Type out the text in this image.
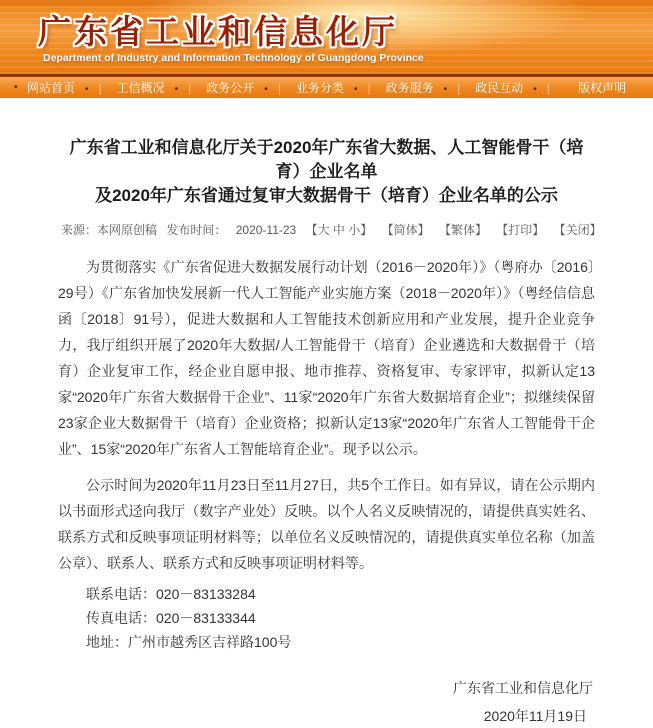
广东省工业和信息化厅
Department of Industry and Information Technology of Guangdong Province
• 网站首页 • |	工信概况 • |	政务公开 • |	业务分类 • |	政务服务 • |	政民互动 • |	版权声明
广东省工业和信息化厅关于2020年广东省大数据、人工智能骨干（培育）企业名单
及2020年广东省通过复审大数据骨干（培育）企业名单的公示
来源：本网原创稿 发布时间： 2020-11-23 【大 中 小】 【简体】 【繁体】 【打印】 【关闭】

为贯彻落实《广东省促进大数据发展行动计划（2016－2020年）》（粤府办〔2016〕29号）《广东省加快发展新一代人工智能产业实施方案（2018－2020年）》（粤经信信息函〔2018〕91号），促进大数据和人工智能技术创新应用和产业发展，提升企业竞争力，我厅组织开展了2020年大数据/人工智能骨干（培育）企业遴选和大数据骨干（培育）企业复审工作，经企业自愿申报、地市推荐、资格复审、专家评审，拟新认定13家“2020年广东省大数据骨干企业”、11家“2020年广东省大数据培育企业”；拟继续保留23家企业大数据骨干（培育）企业资格；拟新认定13家“2020年广东省人工智能骨干企业”、15家“2020年广东省人工智能培育企业”。现予以公示。

公示时间为2020年11月23日至11月27日，共5个工作日。如有异议，请在公示期内以书面形式迳向我厅（数字产业处）反映。以个人名义反映情况的，请提供真实姓名、联系方式和反映事项证明材料等；以单位名义反映情况的，请提供真实单位名称（加盖公章）、联系人、联系方式和反映事项证明材料等。

联系电话：020－83133284

传真电话：020－83133344

地址：广州市越秀区吉祥路100号

广东省工业和信息化厅
2020年11月19日
